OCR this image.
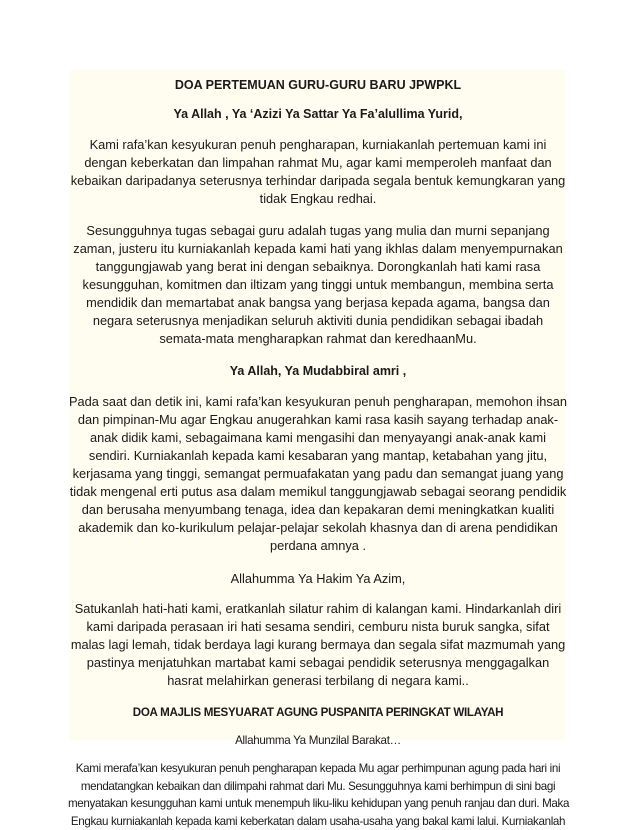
DOA PERTEMUAN GURU-GURU BARU JPWPKL
Ya Allah , Ya ‘Azizi Ya Sattar Ya Fa’alullima Yurid,
Kami rafa’kan kesyukuran penuh pengharapan, kurniakanlah pertemuan kami ini
dengan keberkatan dan limpahan rahmat Mu, agar kami memperoleh manfaat dan
kebaikan daripadanya seterusnya terhindar daripada segala bentuk kemungkaran yang
tidak Engkau redhai.
Sesungguhnya tugas sebagai guru adalah tugas yang mulia dan murni sepanjang
zaman, justeru itu kurniakanlah kepada kami hati yang ikhlas dalam menyempurnakan
tanggungjawab yang berat ini dengan sebaiknya. Dorongkanlah hati kami rasa
kesungguhan, komitmen dan iltizam yang tinggi untuk membangun, membina serta
mendidik dan memartabat anak bangsa yang berjasa kepada agama, bangsa dan
negara seterusnya menjadikan seluruh aktiviti dunia pendidikan sebagai ibadah
semata-mata mengharapkan rahmat dan keredhaanMu.
Ya Allah, Ya Mudabbiral amri ,
Pada saat dan detik ini, kami rafa’kan kesyukuran penuh pengharapan, memohon ihsan
dan pimpinan-Mu agar Engkau anugerahkan kami rasa kasih sayang terhadap anak-
anak didik kami, sebagaimana kami mengasihi dan menyayangi anak-anak kami
sendiri. Kurniakanlah kepada kami kesabaran yang mantap, ketabahan yang jitu,
kerjasama yang tinggi, semangat permuafakatan yang padu dan semangat juang yang
tidak mengenal erti putus asa dalam memikul tanggungjawab sebagai seorang pendidik
dan berusaha menyumbang tenaga, idea dan kepakaran demi meningkatkan kualiti
akademik dan ko-kurikulum pelajar-pelajar sekolah khasnya dan di arena pendidikan
perdana amnya .
Allahumma Ya Hakim Ya Azim,
Satukanlah hati-hati kami, eratkanlah silatur rahim di kalangan kami. Hindarkanlah diri
kami daripada perasaan iri hati sesama sendiri, cemburu nista buruk sangka, sifat
malas lagi lemah, tidak berdaya lagi kurang bermaya dan segala sifat mazmumah yang
pastinya menjatuhkan martabat kami sebagai pendidik seterusnya menggagalkan
hasrat melahirkan generasi terbilang di negara kami..
DOA MAJLIS MESYUARAT AGUNG PUSPANITA PERINGKAT WILAYAH
Allahumma Ya Munzilal Barakat…
Kami merafa’kan kesyukuran penuh pengharapan kepada Mu agar perhimpunan agung pada hari ini
mendatangkan kebaikan dan dilimpahi rahmat dari Mu. Sesungguhnya kami berhimpun di sini bagi
menyatakan kesungguhan kami untuk menempuh liku-liku kehidupan yang penuh ranjau dan duri. Maka
Engkau kurniakanlah kepada kami keberkatan dalam usaha-usaha yang bakal kami lalui. Kurniakanlah
